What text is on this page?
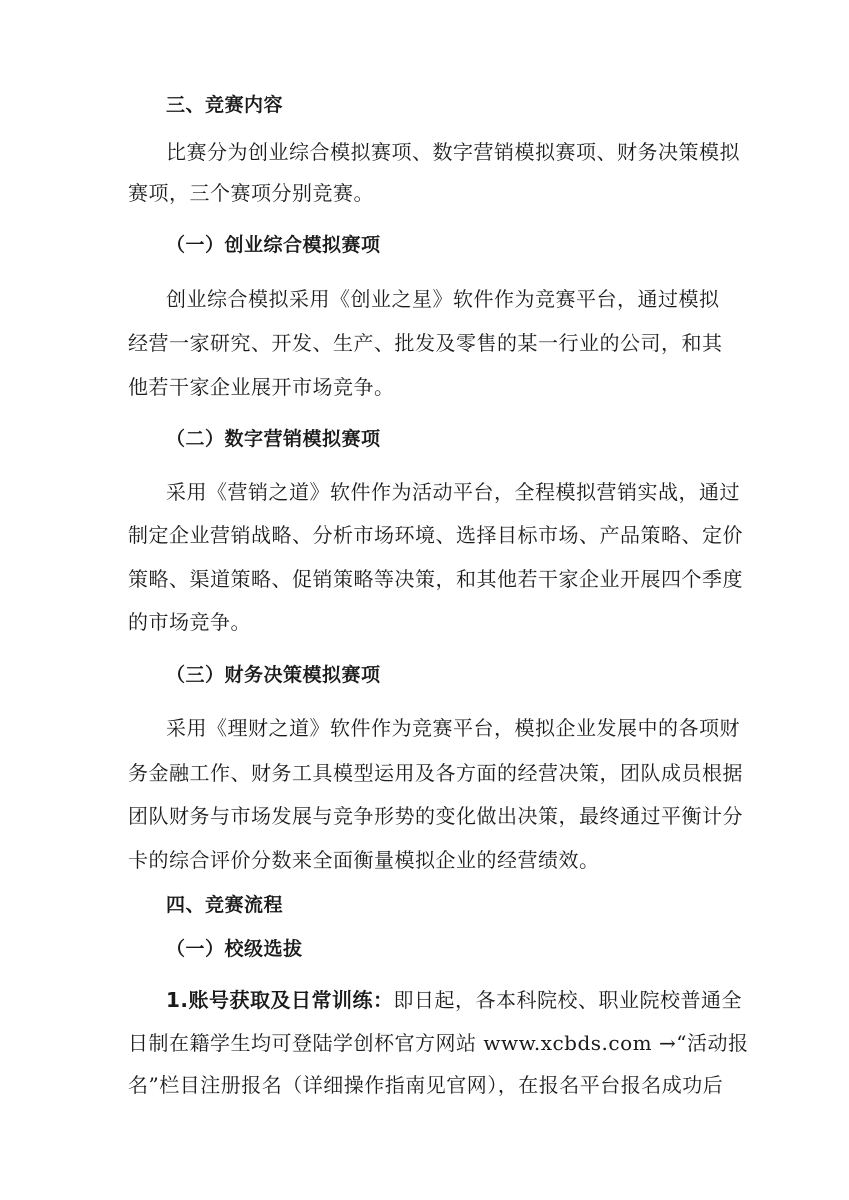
三、竞赛内容
比赛分为创业综合模拟赛项、数字营销模拟赛项、财务决策模拟
赛项，三个赛项分别竞赛。
（一）创业综合模拟赛项
创业综合模拟采用《创业之星》软件作为竞赛平台，通过模拟
经营一家研究、开发、生产、批发及零售的某一行业的公司，和其
他若干家企业展开市场竞争。
（二）数字营销模拟赛项
采用《营销之道》软件作为活动平台，全程模拟营销实战，通过
制定企业营销战略、分析市场环境、选择目标市场、产品策略、定价
策略、渠道策略、促销策略等决策，和其他若干家企业开展四个季度
的市场竞争。
（三）财务决策模拟赛项
采用《理财之道》软件作为竞赛平台，模拟企业发展中的各项财
务金融工作、财务工具模型运用及各方面的经营决策，团队成员根据
团队财务与市场发展与竞争形势的变化做出决策，最终通过平衡计分
卡的综合评价分数来全面衡量模拟企业的经营绩效。
四、竞赛流程
（一）校级选拔
1.账号获取及日常训练：即日起，各本科院校、职业院校普通全
日制在籍学生均可登陆学创杯官方网站 www.xcbds.com →“活动报
名”栏目注册报名（详细操作指南见官网），在报名平台报名成功后
